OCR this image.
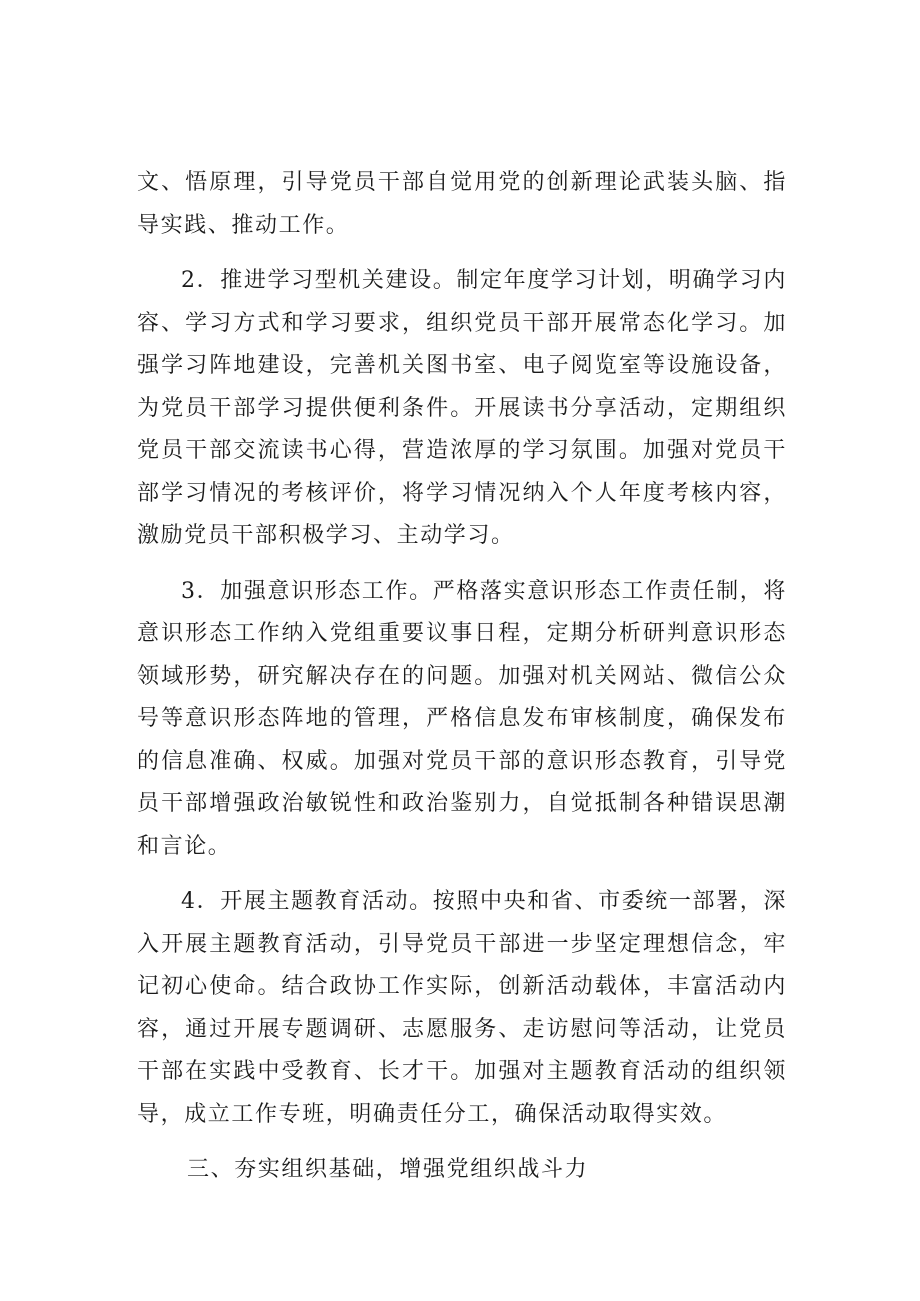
文、悟原理，引导党员干部自觉用党的创新理论武装头脑、指导实践、推动工作。

2．推进学习型机关建设。制定年度学习计划，明确学习内容、学习方式和学习要求，组织党员干部开展常态化学习。加强学习阵地建设，完善机关图书室、电子阅览室等设施设备，为党员干部学习提供便利条件。开展读书分享活动，定期组织党员干部交流读书心得，营造浓厚的学习氛围。加强对党员干部学习情况的考核评价，将学习情况纳入个人年度考核内容，激励党员干部积极学习、主动学习。

3．加强意识形态工作。严格落实意识形态工作责任制，将意识形态工作纳入党组重要议事日程，定期分析研判意识形态领域形势，研究解决存在的问题。加强对机关网站、微信公众号等意识形态阵地的管理，严格信息发布审核制度，确保发布的信息准确、权威。加强对党员干部的意识形态教育，引导党员干部增强政治敏锐性和政治鉴别力，自觉抵制各种错误思潮和言论。

4．开展主题教育活动。按照中央和省、市委统一部署，深入开展主题教育活动，引导党员干部进一步坚定理想信念，牢记初心使命。结合政协工作实际，创新活动载体，丰富活动内容，通过开展专题调研、志愿服务、走访慰问等活动，让党员干部在实践中受教育、长才干。加强对主题教育活动的组织领导，成立工作专班，明确责任分工，确保活动取得实效。

三、夯实组织基础，增强党组织战斗力
